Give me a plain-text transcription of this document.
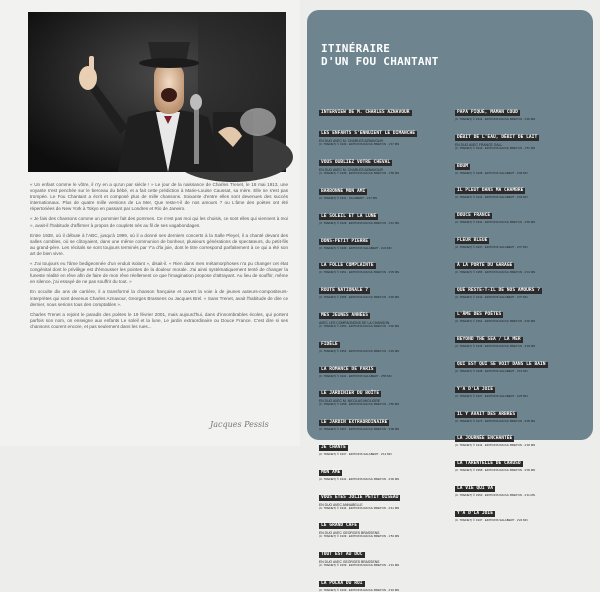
« Un enfant comme le vôtre, il n'y en a qu'un par siècle ! » Le jour de la naissance de Charles Trenet, le 18 mai 1913, une voyante s'est penchée sur le berceau du bébé, et a fait cette prédiction à Marie-Louise Caussat, sa mère. Elle ne s'est pas trompée. Le Fou Chantant a écrit et composé plus de mille chansons. Soixante d'entre elles sont devenues des succès internationaux. Plus de quatre mille versions de La Mer, Que reste-t-il de nos amours ? ou L'âme des poètes ont été répertoriées de New York à Tokyo en passant par Londres et Rio de Janeiro.

« Je fais des chansons comme un pommier fait des pommes. Ce n'est pas moi qui les choisis, ce sont elles qui viennent à moi », avait-il l'habitude d'affirmer à propos de couplets nés au fil de ses vagabondages.

Entre 1938, où il débute à l'ABC, jusqu'à 1999, où il a donné ses derniers concerts à la Salle Pleyel, il a chanté devant des salles combles, où se côtoyaient, dans une même communion de bonheur, plusieurs générations de spectateurs, du petit-fils au grand-père. Les récitals se sont toujours terminés par Y'a d'la joie, dont le titre correspond parfaitement à ce qui a été son art de bien vivre.

« J'ai toujours eu l'âme bedigeonnée d'un enduit isolant », disait-il. « Rien dans mes métamorphoses n'a pu changer cet état congénital dont le privilège est d'émousser les pointes de la douleur morale. J'ai ainsi systématiquement tenté de changer la funeste réalité en rêve afin de faire de mon rêve réellement ce que l'imagination propose d'attrayant. Au lieu de souffrir, même en silence, j'ai essayé de ne pas souffrir du tout. »

En occulte dix ans de carrière, il a transformé la chanson française et ouvert la voie à de jeunes auteurs-compositeurs-interprètes qui sont devenus Charles Aznavour, Georges Brassens ou Jacques Brel. « Sans Trenet, avait l'habitude de dire ce dernier, nous serions tous des comptables ».

Charles Trenet a rejoint le paradis des poètes le 19 février 2001, mais aujourd'hui, dans d'innombrables écoles, qui portent parfois son nom, on enseigne aux enfants Le soleil et la lune, Le jardin extraordinaire ou Douce France. C'est dire si ses chansons courent encore, et pas seulement dans les rues...

Jacques Pessis
ITINÉRAIRE
D'UN FOU CHANTANT
INTERVIEW DE M. CHARLES AZNAVOUR

LES ENFANTS S'ENNUIENT LE DIMANCHE

EN DUO AVEC M. CHARLES AZNAVOUR
(C. TRENET) © 1939 · EDITIONS RAOUL BRETON · 1'47 MN
VOUS OUBLIEZ VOTRE CHEVAL

EN DUO AVEC M. CHARLES AZNAVOUR
(C. TRENET) © 1938 · EDITIONS RAOUL BRETON · 1'58 MN
BARBONNE MON AMI

(C. TRENET) © 1941 · SALABERT · 1'47 MN
LE SOLEIL ET LA LUNE

(C. TRENET) © 1939 · EDITIONS RAOUL BRETON · 2'42 MN
DONS-PETIT PIERRE

(C. TRENET) © 1938 · EDITIONS SALABERT · 2'24 MN
LA FOLLE COMPLAINTE

(C. TRENET) © 1951 · EDITIONS RAOUL BRETON · 3'05 MN
ROUTE NATIONALE 7

(C. TRENET) © 1955 · EDITIONS RAOUL BRETON · 2'39 MN
MES JEUNES ANNÉES

AVEC LES COMPAGNONS DE LA CHANSON
(C. TRENET) © 1950 · EDITIONS RAOUL BRETON · 3'02 MN
FIDÈLE

(C. TRENET) © 1953 · EDITIONS RAOUL BRETON · 2'29 MN
LA ROMANCE DE PARIS

(C. TRENET) © 1941 · EDITIONS SALABERT · 2'55 MN
LE JARDINIER DU BOÎTE

EN DUO AVEC M. NICOLAS MIGLIORE
(C. TRENET) © 1958 · EDITIONS RAOUL BRETON · 1'55 MN
LE JARDIN EXTRAORDINAIRE

(C. TRENET) © 1957 · EDITIONS RAOUL BRETON · 3'08 MN
JE CHANTE

(C. TRENET) © 1937 · EDITIONS SALABERT · 2'12 MN
MON ÂME

(C. TRENET) © 1941 · EDITIONS RAOUL BRETON · 2'09 MN
VOUS ÊTES JOLIE PETIT OISEAU

EN DUO AVEC ANNABELLE
(C. TRENET) © 1944 · EDITIONS RAOUL BRETON · 2'41 MN
LE GRAND CAFÉ

EN DUO AVEC GEORGES BRASSENS
(C. TRENET) © 1939 · EDITIONS RAOUL BRETON · 1'53 MN
TOUT EST AU DUC

EN DUO AVEC GEORGES BRASSENS
(C. TRENET) © 1939 · EDITIONS RAOUL BRETON · 1'31 MN
LA POLKA DU ROI

(C. TRENET) © 1939 · EDITIONS RAOUL BRETON · 2'34 MN
PAPA PIQUE, MAMAN COUD

(C. TRENET) © 1941 · EDITIONS RAOUL BRETON · 2'20 MN
DÉBIT DE L'EAU, DÉBIT DE LAIT

EN DUO AVEC FRANCE GALL
(C. TRENET) © 1943 · EDITIONS RAOUL BRETON · 1'57 MN
BOUM

(C. TRENET) © 1938 · EDITIONS SALABERT · 2'08 MN
IL PLEUT DANS MA CHAMBRE

(C. TRENET) © 1941 · EDITIONS SALABERT · 2'03 MN
DOUCE FRANCE

(C. TRENET) © 1943 · EDITIONS RAOUL BRETON · 2'55 MN
FLEUR BLEUE

(C. TRENET) © 1937 · EDITIONS SALABERT · 2'37 MN
À LA PORTE DU GARAGE

(C. TRENET) © 1955 · EDITIONS RAOUL BRETON · 2'01 MN
QUE RESTE-T-IL DE NOS AMOURS ?

(C. TRENET) © 1942 · EDITIONS SALABERT · 2'37 MN
L'ÂME DES POÈTES

(C. TRENET) © 1951 · EDITIONS RAOUL BRETON · 3'02 MN
BEYOND THE SEA / LA MER

(C. TRENET) © 1945 · EDITIONS RAOUL BRETON · 3'18 MN
QUI EST QUI SE VOIT DANS LE BAIN

(C. TRENET) © 1938 · EDITIONS SALABERT · 2'15 MN
Y'A D'LA JOIE

(C. TRENET) © 1937 · EDITIONS SALABERT · 2'25 MN
IL Y AVAIT DES ARBRES

(C. TRENET) © 1972 · EDITIONS RAOUL BRETON · 3'05 MN
LA JOURNÉE ENCHANTÉE

(C. TRENET) © 1944 · EDITIONS RAOUL BRETON · 2'18 MN
LA TARENTELLE DE CARUSO

(C. TRENET) © 1958 · EDITIONS RAOUL BRETON · 2'09 MN
LA VIE QUI VA

(C. TRENET) © 1953 · EDITIONS RAOUL BRETON · 2'11 MN
Y'A D'LA JOIE

(C. TRENET) © 1937 · EDITIONS SALABERT · 2'24 MN
